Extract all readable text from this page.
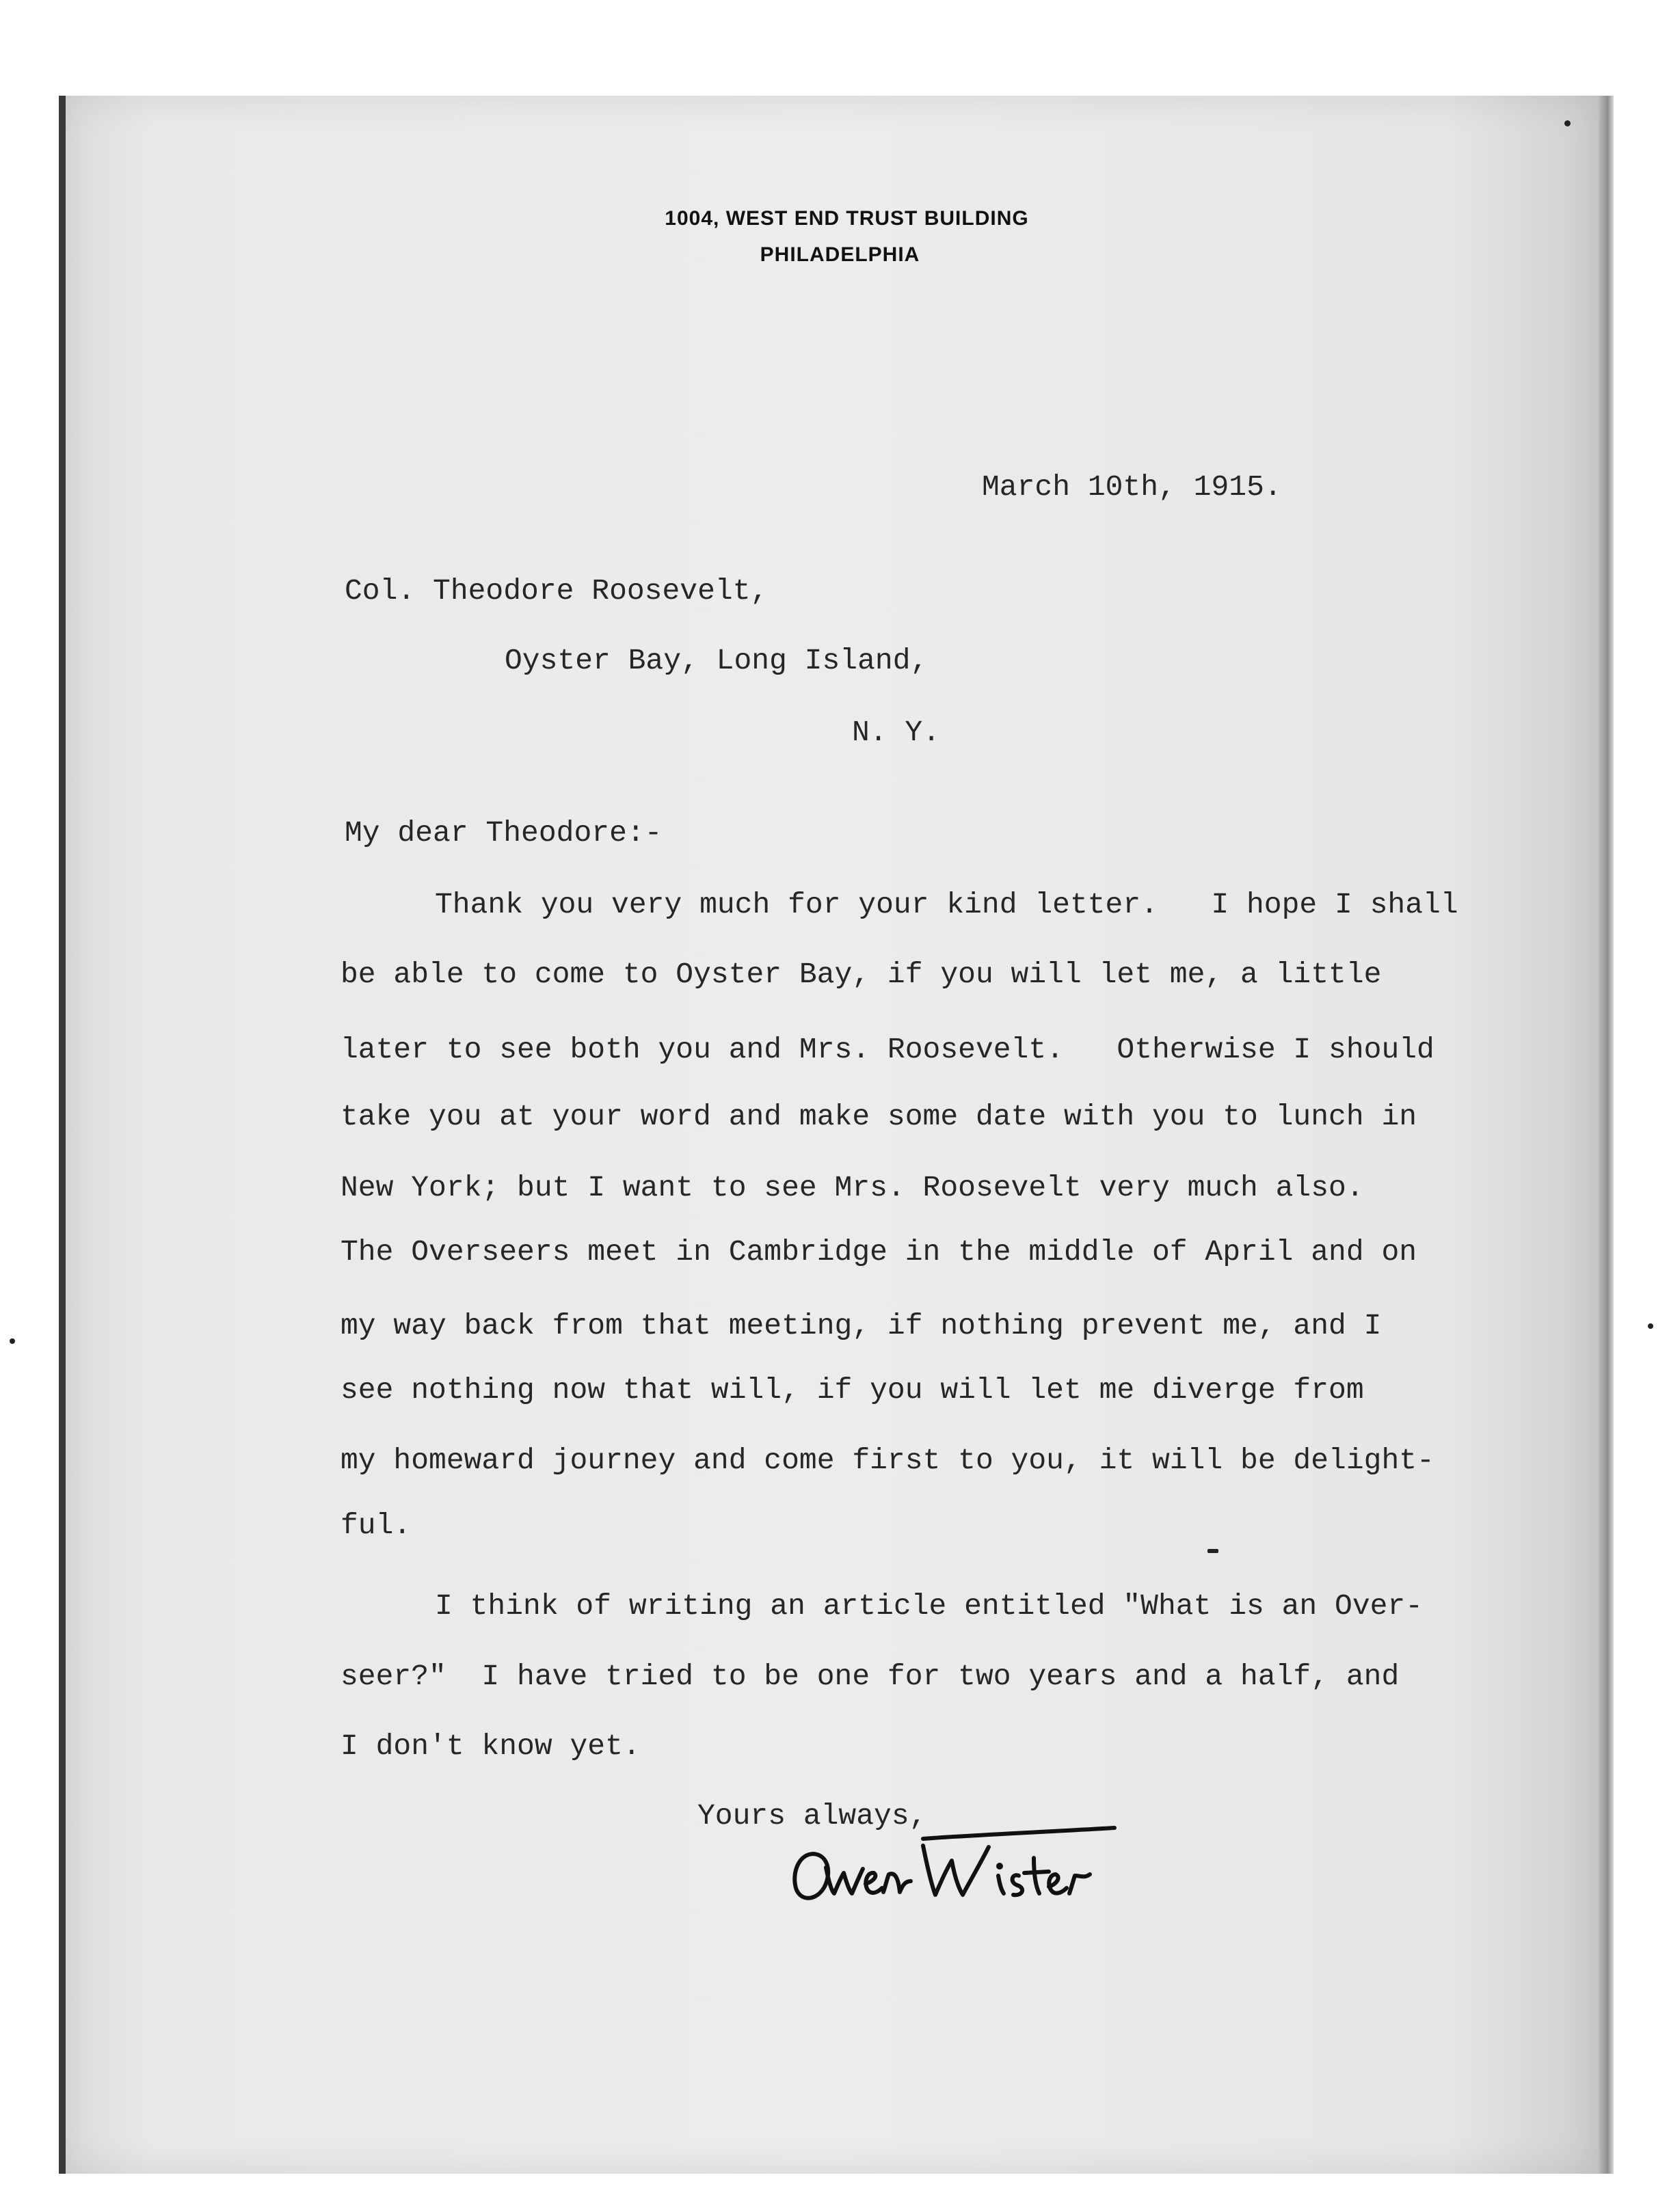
1004, WEST END TRUST BUILDING
PHILADELPHIA
March 10th, 1915.
Col. Theodore Roosevelt,
Oyster Bay, Long Island,
N. Y.
My dear Theodore:-
Thank you very much for your kind letter.   I hope I shall
be able to come to Oyster Bay, if you will let me, a little
later to see both you and Mrs. Roosevelt.   Otherwise I should
take you at your word and make some date with you to lunch in
New York; but I want to see Mrs. Roosevelt very much also.
The Overseers meet in Cambridge in the middle of April and on
my way back from that meeting, if nothing prevent me, and I
see nothing now that will, if you will let me diverge from
my homeward journey and come first to you, it will be delight-
ful.
I think of writing an article entitled "What is an Over-
seer?"  I have tried to be one for two years and a half, and
I don't know yet.
Yours always,
